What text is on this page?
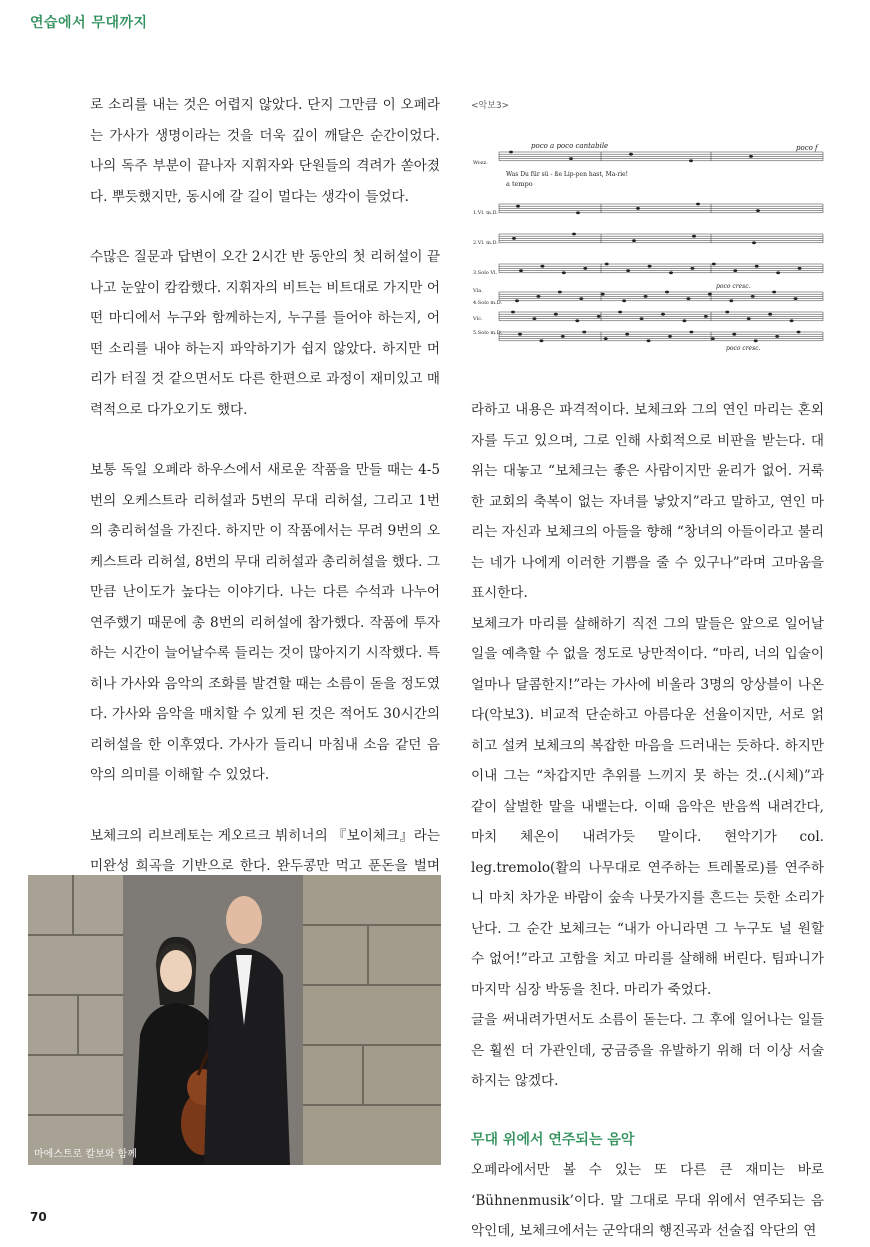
연습에서 무대까지

로 소리를 내는 것은 어렵지 않았다. 단지 그만큼 이 오페라는 가사가 생명이라는 것을 더욱 깊이 깨달은 순간이었다. 나의 독주 부분이 끝나자 지휘자와 단원들의 격려가 쏟아졌다. 뿌듯했지만, 동시에 갈 길이 멀다는 생각이 들었다.

수많은 질문과 답변이 오간 2시간 반 동안의 첫 리허설이 끝나고 눈앞이 캄캄했다. 지휘자의 비트는 비트대로 가지만 어떤 마디에서 누구와 함께하는지, 누구를 들어야 하는지, 어떤 소리를 내야 하는지 파악하기가 쉽지 않았다. 하지만 머리가 터질 것 같으면서도 다른 한편으로 과정이 재미있고 매력적으로 다가오기도 했다.

보통 독일 오페라 하우스에서 새로운 작품을 만들 때는 4-5번의 오케스트라 리허설과 5번의 무대 리허설, 그리고 1번의 총리허설을 가진다. 하지만 이 작품에서는 무려 9번의 오케스트라 리허설, 8번의 무대 리허설과 총리허설을 했다. 그만큼 난이도가 높다는 이야기다. 나는 다른 수석과 나누어 연주했기 때문에 총 8번의 리허설에 참가했다. 작품에 투자하는 시간이 늘어날수록 들리는 것이 많아지기 시작했다. 특히나 가사와 음악의 조화를 발견할 때는 소름이 돋을 정도였다. 가사와 음악을 매치할 수 있게 된 것은 적어도 30시간의 리허설을 한 이후였다. 가사가 들리니 마침내 소음 같던 음악의 의미를 이해할 수 있었다.

보체크의 리브레토는 게오르크 뷔히너의 『보이체크』라는 미완성 희곡을 기반으로 한다. 완두콩만 먹고 푼돈을 벌며

<악보3>
poco a poco cantabile	poco f
Was Du für sü - ße Lip-pen hast, Ma-rie!
a tempo
poco cresc.
poco cresc.
Wozz.
1.Vl. m.D.
2.Vl. m.D.
3.Solo Vl.
Vla.
4.Solo m.D.
Vlc.
5.Solo m.D.
마에스트로 칼보와 함께

라하고 내용은 파격적이다. 보체크와 그의 연인 마리는 혼외자를 두고 있으며, 그로 인해 사회적으로 비판을 받는다. 대위는 대놓고 “보체크는 좋은 사람이지만 윤리가 없어. 거룩한 교회의 축복이 없는 자녀를 낳았지”라고 말하고, 연인 마리는 자신과 보체크의 아들을 향해 “창녀의 아들이라고 불리는 네가 나에게 이러한 기쁨을 줄 수 있구나”라며 고마움을 표시한다.

보체크가 마리를 살해하기 직전 그의 말들은 앞으로 일어날 일을 예측할 수 없을 정도로 낭만적이다. “마리, 너의 입술이 얼마나 달콤한지!”라는 가사에 비올라 3명의 앙상블이 나온다(악보3). 비교적 단순하고 아름다운 선율이지만, 서로 얽히고 설켜 보체크의 복잡한 마음을 드러내는 듯하다. 하지만 이내 그는 “차갑지만 추위를 느끼지 못 하는 것..(시체)”과 같이 살벌한 말을 내뱉는다. 이때 음악은 반음씩 내려간다, 마치 체온이 내려가듯 말이다. 현악기가 col. leg.tremolo(활의 나무대로 연주하는 트레몰로)를 연주하니 마치 차가운 바람이 숲속 나뭇가지를 흔드는 듯한 소리가 난다. 그 순간 보체크는 “내가 아니라면 그 누구도 널 원할 수 없어!”라고 고함을 치고 마리를 살해해 버린다. 팀파니가 마지막 심장 박동을 친다. 마리가 죽었다.

글을 써내려가면서도 소름이 돋는다. 그 후에 일어나는 일들은 훨씬 더 가관인데, 궁금증을 유발하기 위해 더 이상 서술하지는 않겠다.

무대 위에서 연주되는 음악

오페라에서만 볼 수 있는 또 다른 큰 재미는 바로 ‘Bühnenmusik’이다. 말 그대로 무대 위에서 연주되는 음악인데, 보체크에서는 군악대의 행진곡과 선술집 악단의 연

70
